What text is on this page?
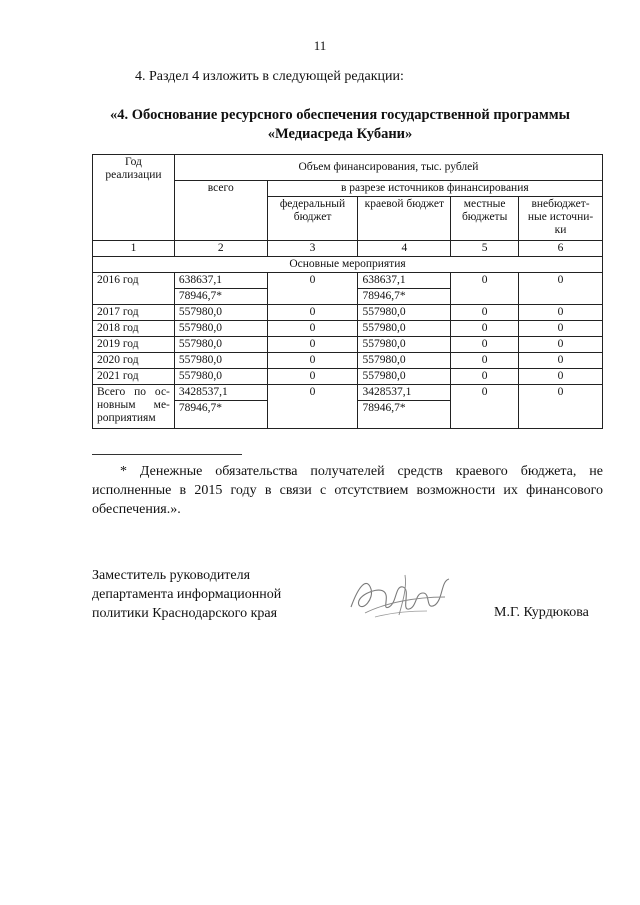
11
4. Раздел 4 изложить в следующей редакции:
«4. Обоснование ресурсного обеспечения государственной программы
«Медиасреда Кубани»
Год реализации	Объем финансирования, тыс. рублей				
	всего	в разрезе источников финансирования			
		федеральный бюджет	краевой бюджет	местные бюджеты	внебюджет-ные источни-ки
1	2	3	4	5	6
Основные мероприятия					
2016 год	638637,1	0	638637,1	0	0
	78946,7*		78946,7*		
2017 год	557980,0	0	557980,0	0	0
2018 год	557980,0	0	557980,0	0	0
2019 год	557980,0	0	557980,0	0	0
2020 год	557980,0	0	557980,0	0	0
2021 год	557980,0	0	557980,0	0	0

Всего по ос-
новным ме-
роприятиям	3428537,1	0	3428537,1	0	0
	78946,7*		78946,7*		
* Денежные обязательства получателей средств краевого бюджета, не исполненные в 2015 году в связи с отсутствием возможности их финансового обеспечения.».
Заместитель руководителя
департамента информационной
политики Краснодарского края	М.Г. Курдюкова
